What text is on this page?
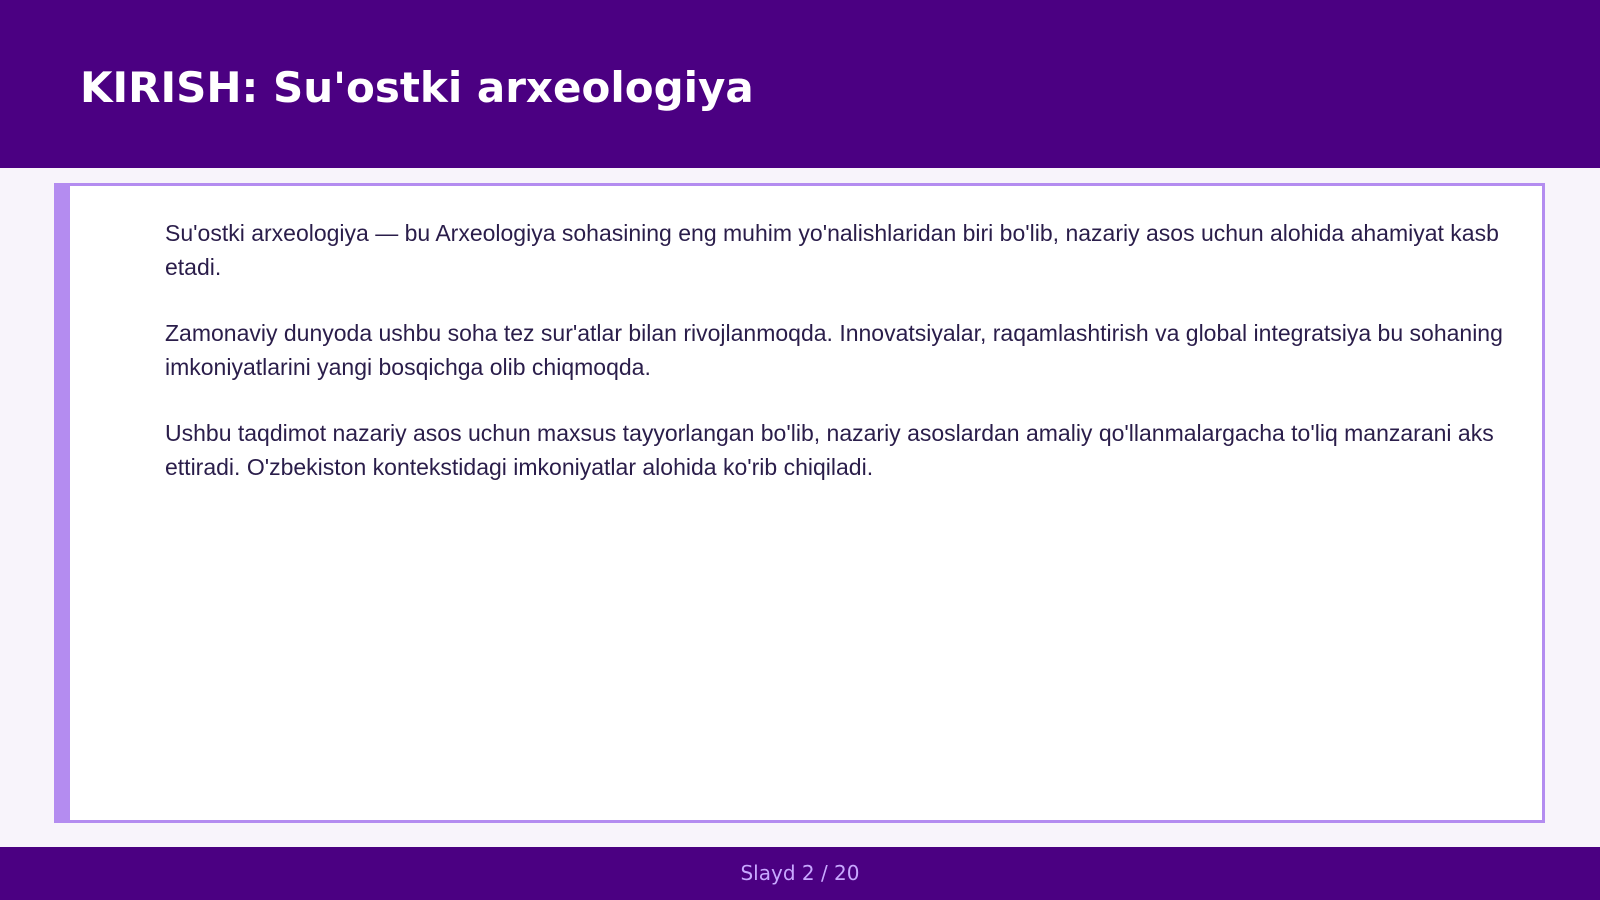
KIRISH: Su'ostki arxeologiya

Su'ostki arxeologiya — bu Arxeologiya sohasining eng muhim yo'nalishlaridan biri bo'lib, nazariy asos uchun alohida ahamiyat kasb etadi.

Zamonaviy dunyoda ushbu soha tez sur'atlar bilan rivojlanmoqda. Innovatsiyalar, raqamlashtirish va global integratsiya bu sohaning imkoniyatlarini yangi bosqichga olib chiqmoqda.

Ushbu taqdimot nazariy asos uchun maxsus tayyorlangan bo'lib, nazariy asoslardan amaliy qo'llanmalargacha to'liq manzarani aks ettiradi. O'zbekiston kontekstidagi imkoniyatlar alohida ko'rib chiqiladi.

Slayd 2 / 20
